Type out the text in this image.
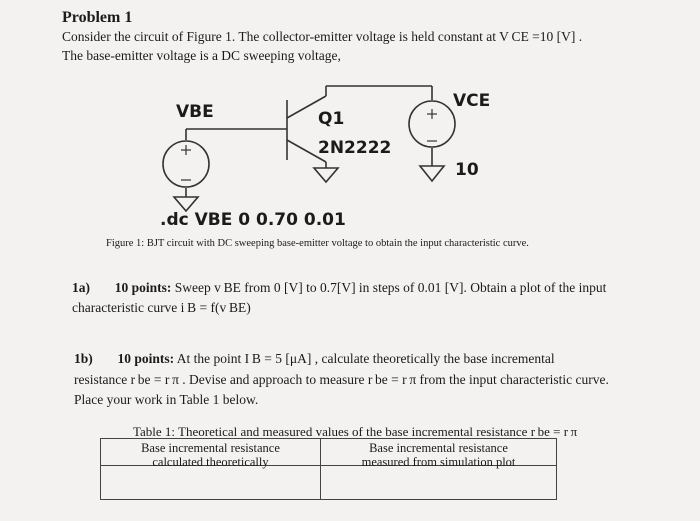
Problem 1
Consider the circuit of Figure 1. The collector-emitter voltage is held constant at V CE =10 [V] .
The base-emitter voltage is a DC sweeping voltage,
VBE
VCE
Q1
2N2222
10
.dc VBE 0 0.70 0.01
Figure 1: BJT circuit with DC sweeping base-emitter voltage to obtain the input characteristic curve.
1a) 10 points: Sweep v BE from 0 [V] to 0.7[V] in steps of 0.01 [V]. Obtain a plot of the input
characteristic curve i B = f(v BE)
1b) 10 points: At the point I B = 5 [μA] , calculate theoretically the base incremental
resistance r be = r π . Devise and approach to measure r be = r π from the input characteristic curve.
Place your work in Table 1 below.
Table 1: Theoretical and measured values of the base incremental resistance r be = r π
Base incremental resistance
calculated theoretically
Base incremental resistance
measured from simulation plot
